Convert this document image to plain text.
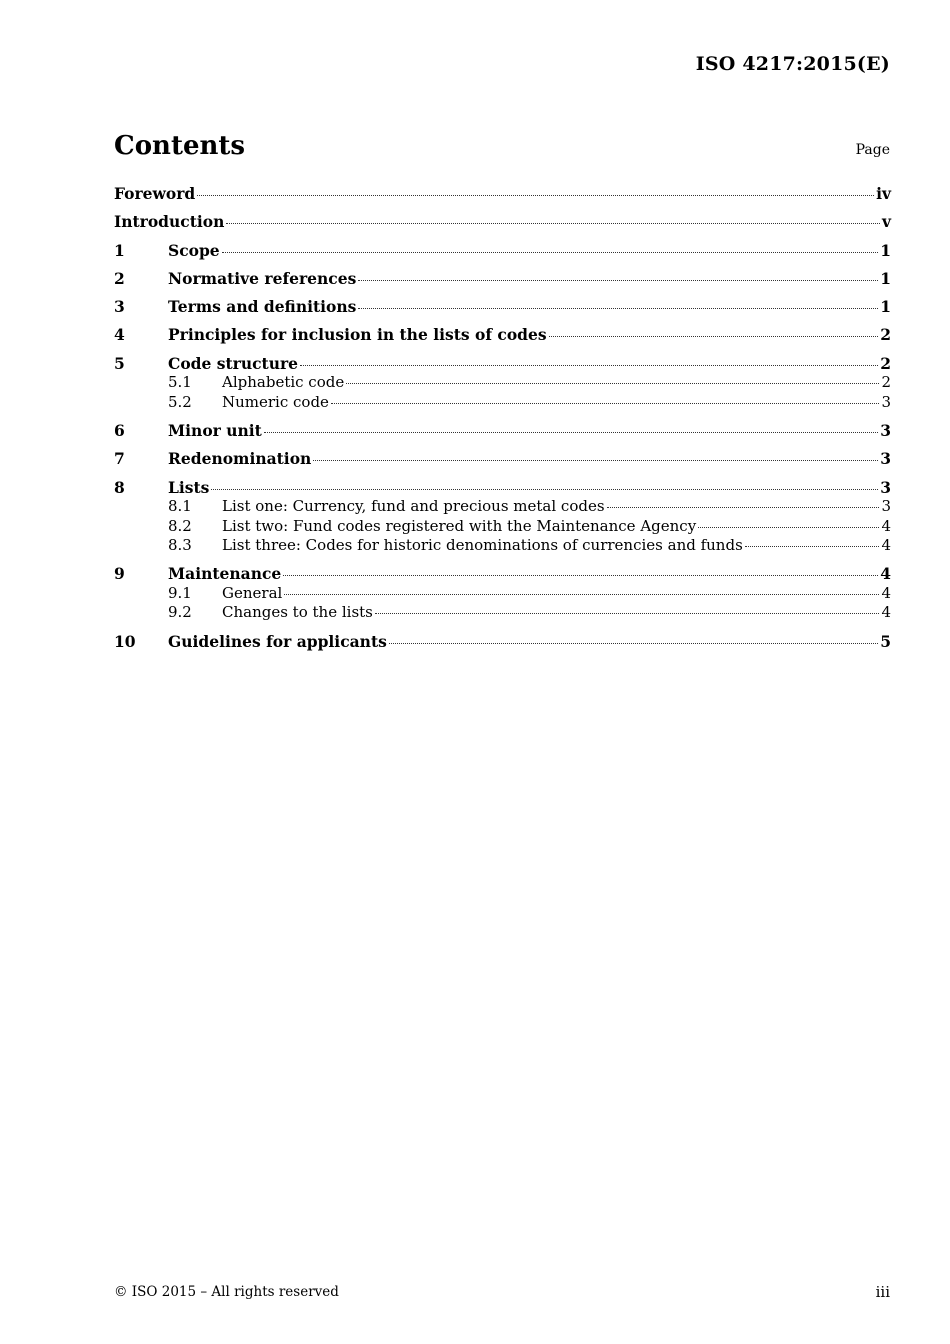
ISO 4217:2015(E)
Contents	Page
Foreword	iv
Introduction	v
1	Scope	1
2	Normative references	1
3	Terms and definitions	1
4	Principles for inclusion in the lists of codes	2
5	Code structure	2
5.1	Alphabetic code	2
5.2	Numeric code	3
6	Minor unit	3
7	Redenomination	3
8	Lists	3
8.1	List one: Currency, fund and precious metal codes	3
8.2	List two: Fund codes registered with the Maintenance Agency	4
8.3	List three: Codes for historic denominations of currencies and funds	4
9	Maintenance	4
9.1	General	4
9.2	Changes to the lists	4
10	Guidelines for applicants	5
© ISO 2015 – All rights reserved	iii
